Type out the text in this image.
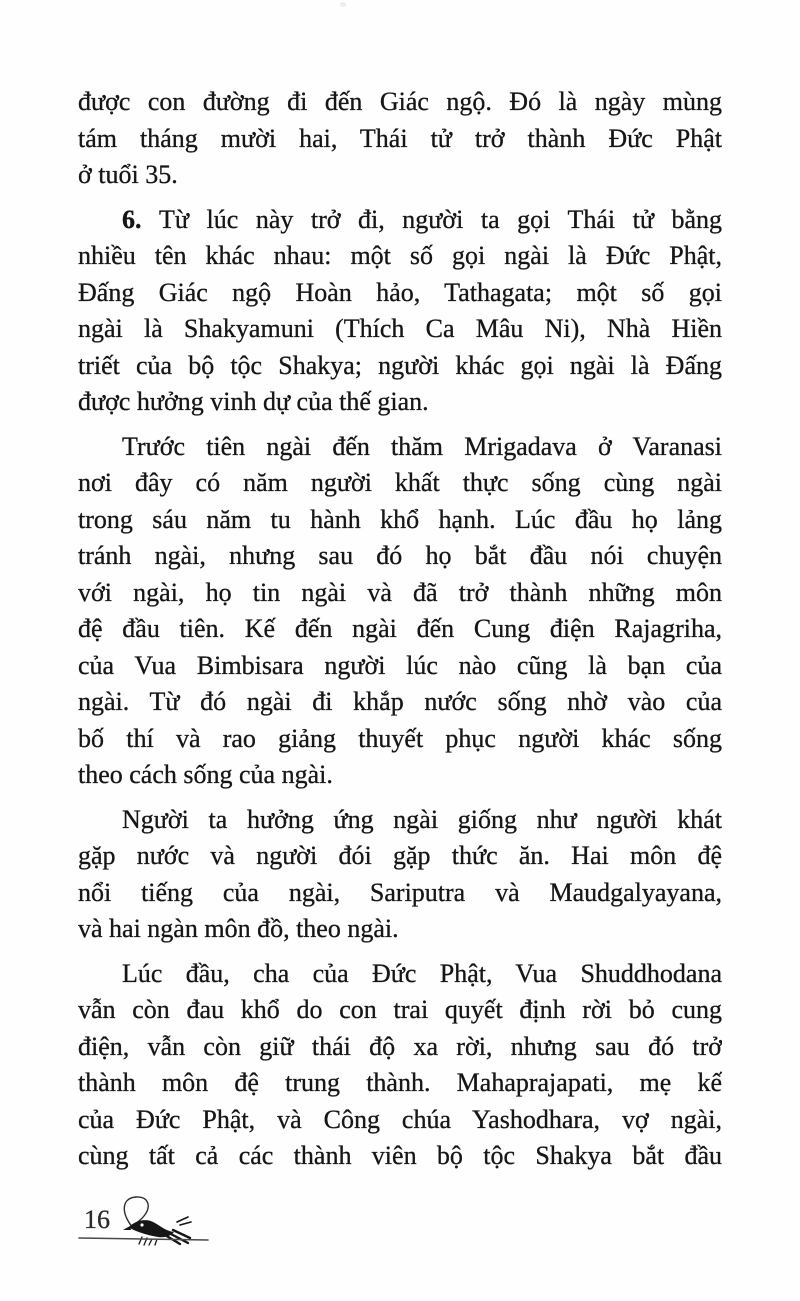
được con đường đi đến Giác ngộ. Đó là ngày mùng
tám tháng mười hai, Thái tử trở thành Đức Phật
ở tuổi 35.
6. Từ lúc này trở đi, người ta gọi Thái tử bằng
nhiều tên khác nhau: một số gọi ngài là Đức Phật,
Đấng Giác ngộ Hoàn hảo, Tathagata; một số gọi
ngài là Shakyamuni (Thích Ca Mâu Ni), Nhà Hiền
triết của bộ tộc Shakya; người khác gọi ngài là Đấng
được hưởng vinh dự của thế gian.
Trước tiên ngài đến thăm Mrigadava ở Varanasi
nơi đây có năm người khất thực sống cùng ngài
trong sáu năm tu hành khổ hạnh. Lúc đầu họ lảng
tránh ngài, nhưng sau đó họ bắt đầu nói chuyện
với ngài, họ tin ngài và đã trở thành những môn
đệ đầu tiên. Kế đến ngài đến Cung điện Rajagriha,
của Vua Bimbisara người lúc nào cũng là bạn của
ngài. Từ đó ngài đi khắp nước sống nhờ vào của
bố thí và rao giảng thuyết phục người khác sống
theo cách sống của ngài.
Người ta hưởng ứng ngài giống như người khát
gặp nước và người đói gặp thức ăn. Hai môn đệ
nổi tiếng của ngài, Sariputra và Maudgalyayana,
và hai ngàn môn đồ, theo ngài.
Lúc đầu, cha của Đức Phật, Vua Shuddhodana
vẫn còn đau khổ do con trai quyết định rời bỏ cung
điện, vẫn còn giữ thái độ xa rời, nhưng sau đó trở
thành môn đệ trung thành. Mahaprajapati, mẹ kế
của Đức Phật, và Công chúa Yashodhara, vợ ngài,
cùng tất cả các thành viên bộ tộc Shakya bắt đầu
16
